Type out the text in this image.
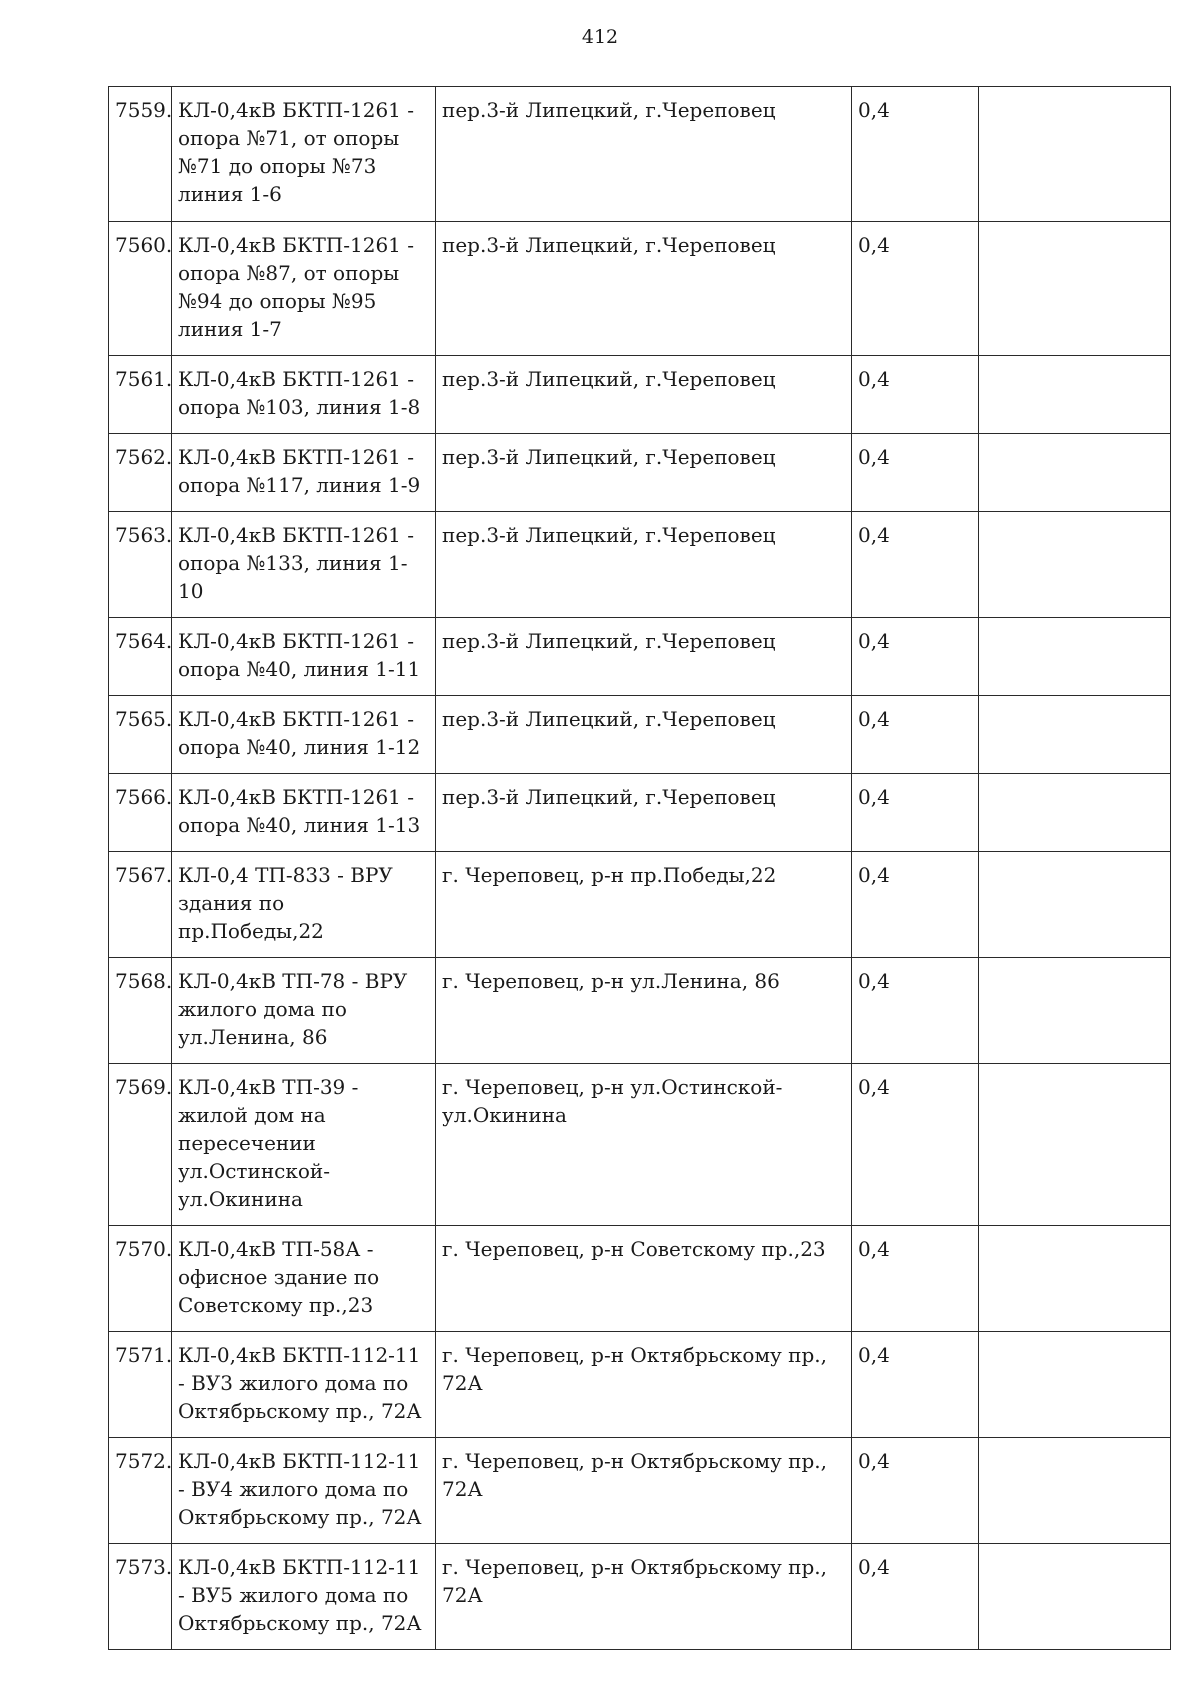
412
7559.	КЛ-0,4кВ БКТП-1261 - опора №71, от опоры №71 до опоры №73 линия 1-6	пер.3-й Липецкий, г.Череповец	0,4	
7560.	КЛ-0,4кВ БКТП-1261 - опора №87, от опоры №94 до опоры №95 линия 1-7	пер.3-й Липецкий, г.Череповец	0,4	
7561.	КЛ-0,4кВ БКТП-1261 - опора №103, линия 1-8	пер.3-й Липецкий, г.Череповец	0,4	
7562.	КЛ-0,4кВ БКТП-1261 - опора №117, линия 1-9	пер.3-й Липецкий, г.Череповец	0,4	
7563.	КЛ-0,4кВ БКТП-1261 - опора №133, линия 1-10	пер.3-й Липецкий, г.Череповец	0,4	
7564.	КЛ-0,4кВ БКТП-1261 - опора №40, линия 1-11	пер.3-й Липецкий, г.Череповец	0,4	
7565.	КЛ-0,4кВ БКТП-1261 - опора №40, линия 1-12	пер.3-й Липецкий, г.Череповец	0,4	
7566.	КЛ-0,4кВ БКТП-1261 - опора №40, линия 1-13	пер.3-й Липецкий, г.Череповец	0,4	
7567.	КЛ-0,4 ТП-833 - ВРУ здания по пр.Победы,22	г. Череповец, р-н пр.Победы,22	0,4	
7568.	КЛ-0,4кВ ТП-78 - ВРУ жилого дома по ул.Ленина, 86	г. Череповец, р-н ул.Ленина, 86	0,4	
7569.	КЛ-0,4кВ ТП-39 - жилой дом на пересечении ул.Остинской-ул.Окинина	г. Череповец, р-н ул.Остинской-ул.Окинина	0,4	
7570.	КЛ-0,4кВ ТП-58А - офисное здание по Советскому пр.,23	г. Череповец, р-н Советскому пр.,23	0,4	
7571.	КЛ-0,4кВ БКТП-112-11 - ВУ3 жилого дома по Октябрьскому пр., 72А	г. Череповец, р-н Октябрьскому пр., 72А	0,4	
7572.	КЛ-0,4кВ БКТП-112-11 - ВУ4 жилого дома по Октябрьскому пр., 72А	г. Череповец, р-н Октябрьскому пр., 72А	0,4	
7573.	КЛ-0,4кВ БКТП-112-11 - ВУ5 жилого дома по Октябрьскому пр., 72А	г. Череповец, р-н Октябрьскому пр., 72А	0,4	
